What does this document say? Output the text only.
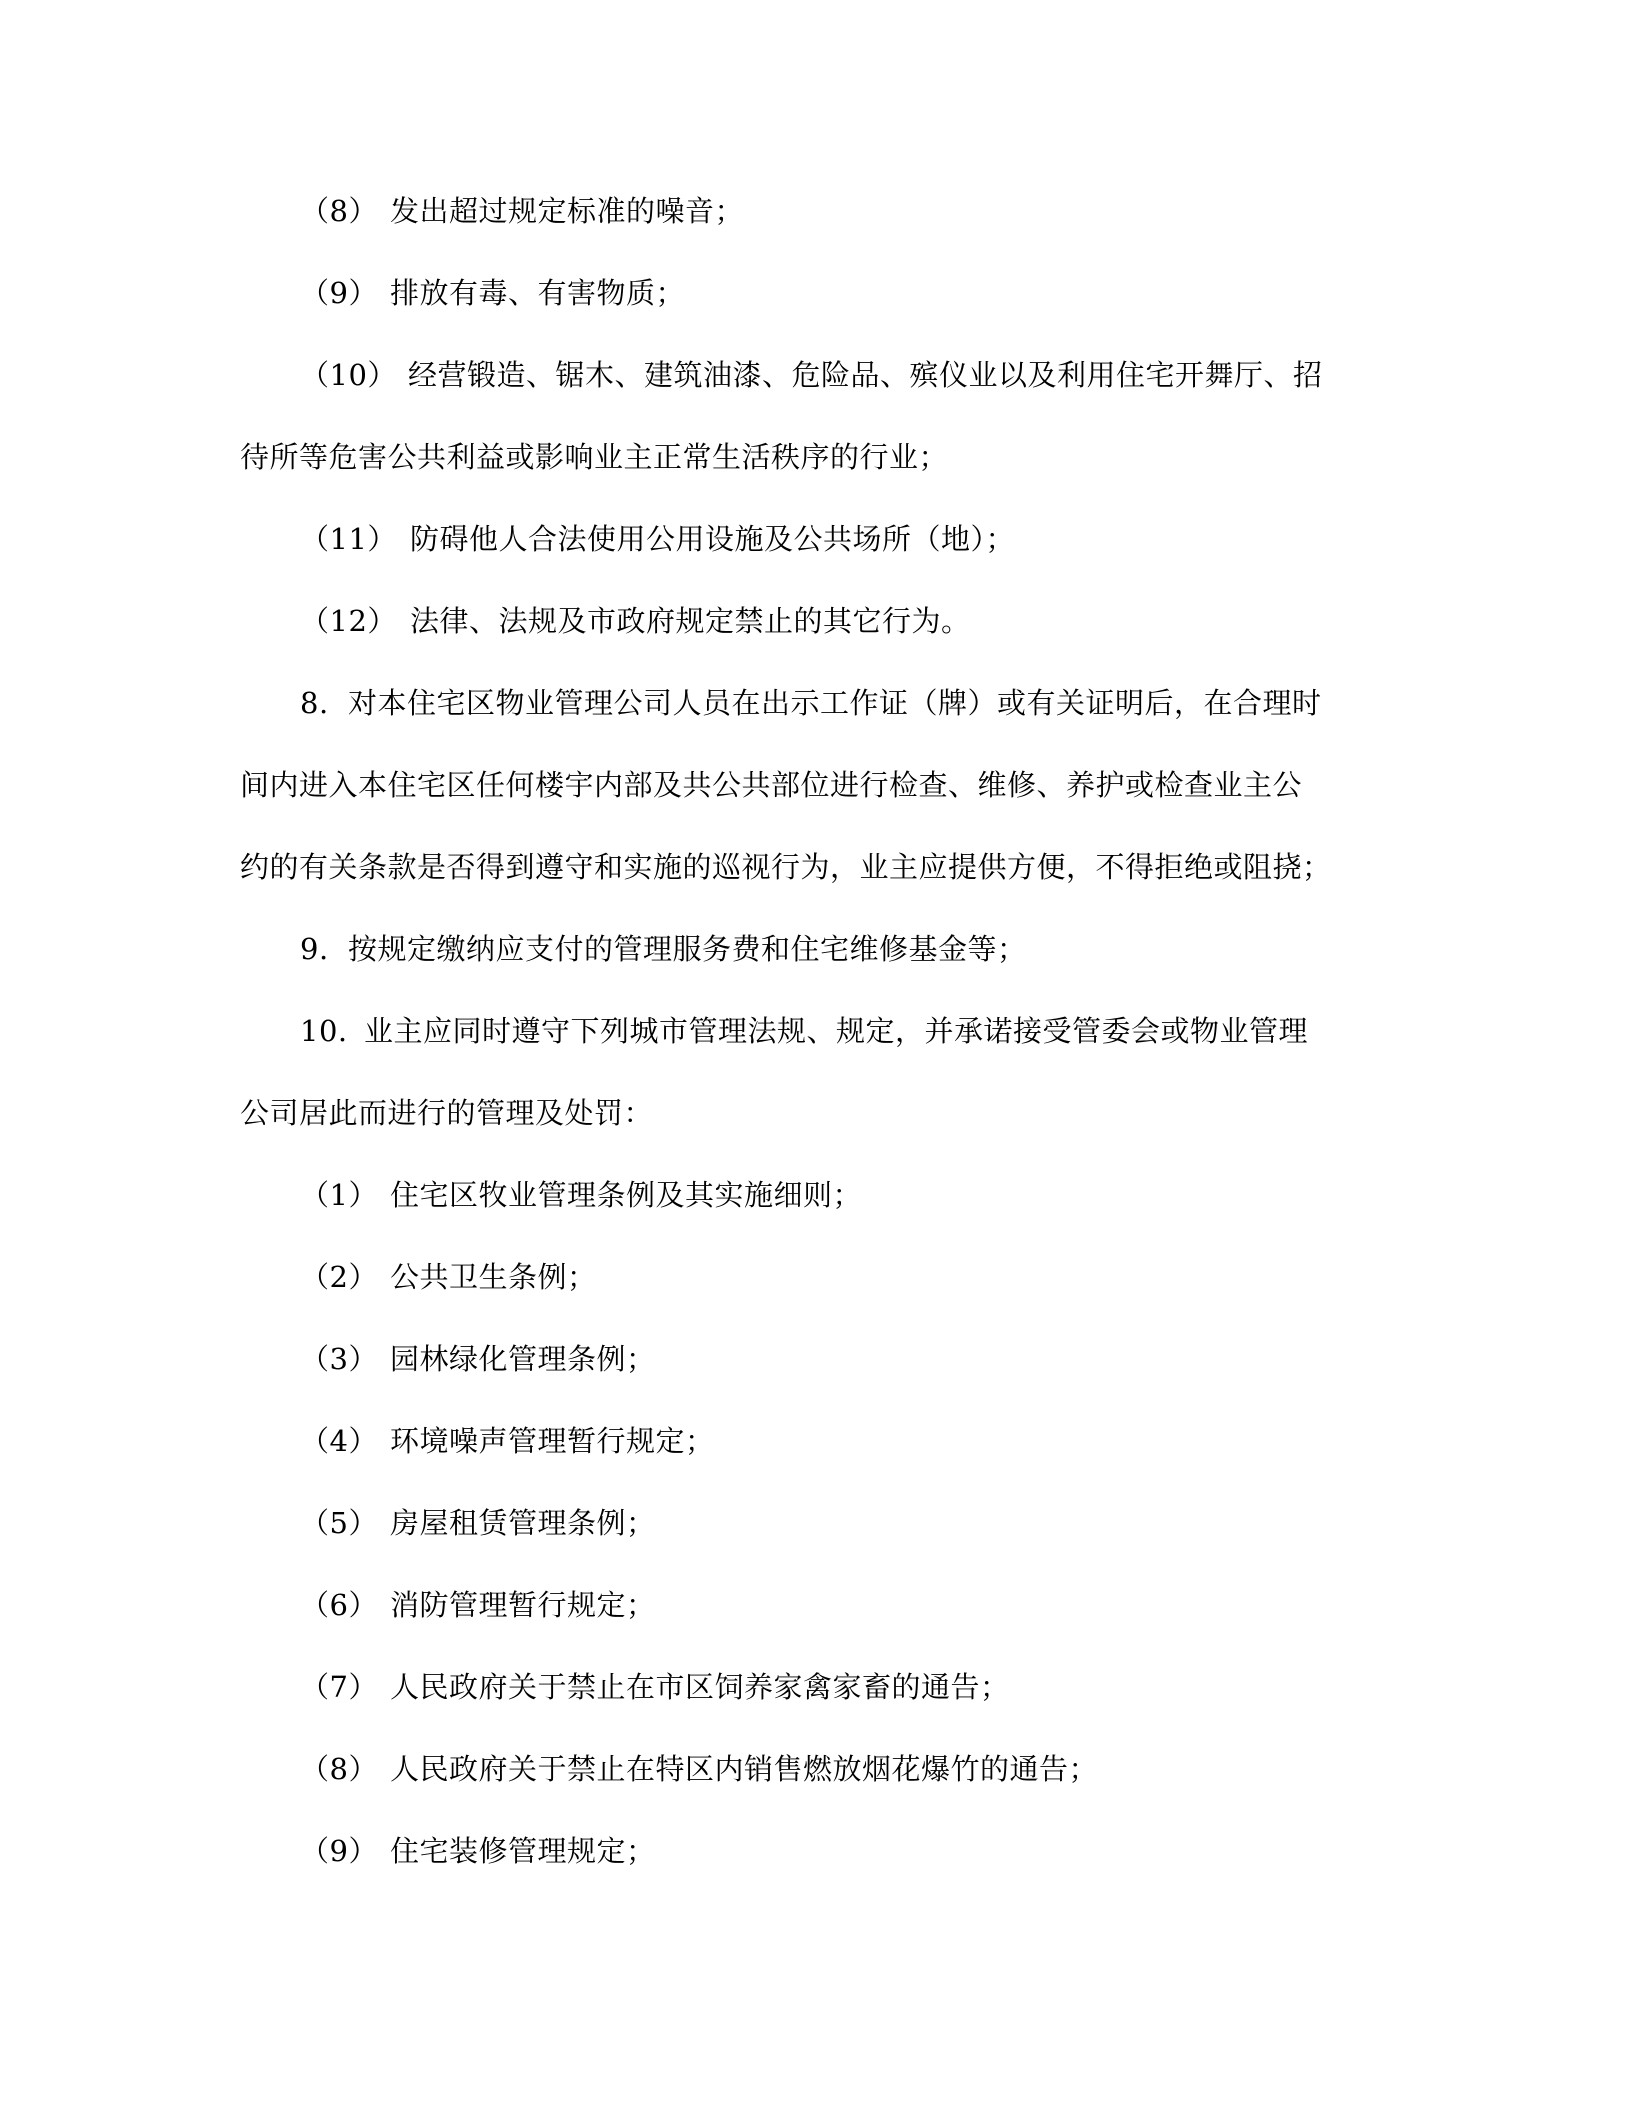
（8） 发出超过规定标准的噪音；
（9） 排放有毒、有害物质；
（10） 经营锻造、锯木、建筑油漆、危险品、殡仪业以及利用住宅开舞厅、招
待所等危害公共利益或影响业主正常生活秩序的行业；
（11） 防碍他人合法使用公用设施及公共场所（地）；
（12） 法律、法规及市政府规定禁止的其它行为。
8. 对本住宅区物业管理公司人员在出示工作证（牌）或有关证明后，在合理时
间内进入本住宅区任何楼宇内部及共公共部位进行检查、维修、养护或检查业主公
约的有关条款是否得到遵守和实施的巡视行为，业主应提供方便，不得拒绝或阻挠；
9. 按规定缴纳应支付的管理服务费和住宅维修基金等；
10. 业主应同时遵守下列城市管理法规、规定，并承诺接受管委会或物业管理
公司居此而进行的管理及处罚：
（1） 住宅区牧业管理条例及其实施细则；
（2） 公共卫生条例；
（3） 园林绿化管理条例；
（4） 环境噪声管理暂行规定；
（5） 房屋租赁管理条例；
（6） 消防管理暂行规定；
（7） 人民政府关于禁止在市区饲养家禽家畜的通告；
（8） 人民政府关于禁止在特区内销售燃放烟花爆竹的通告；
（9） 住宅装修管理规定；
